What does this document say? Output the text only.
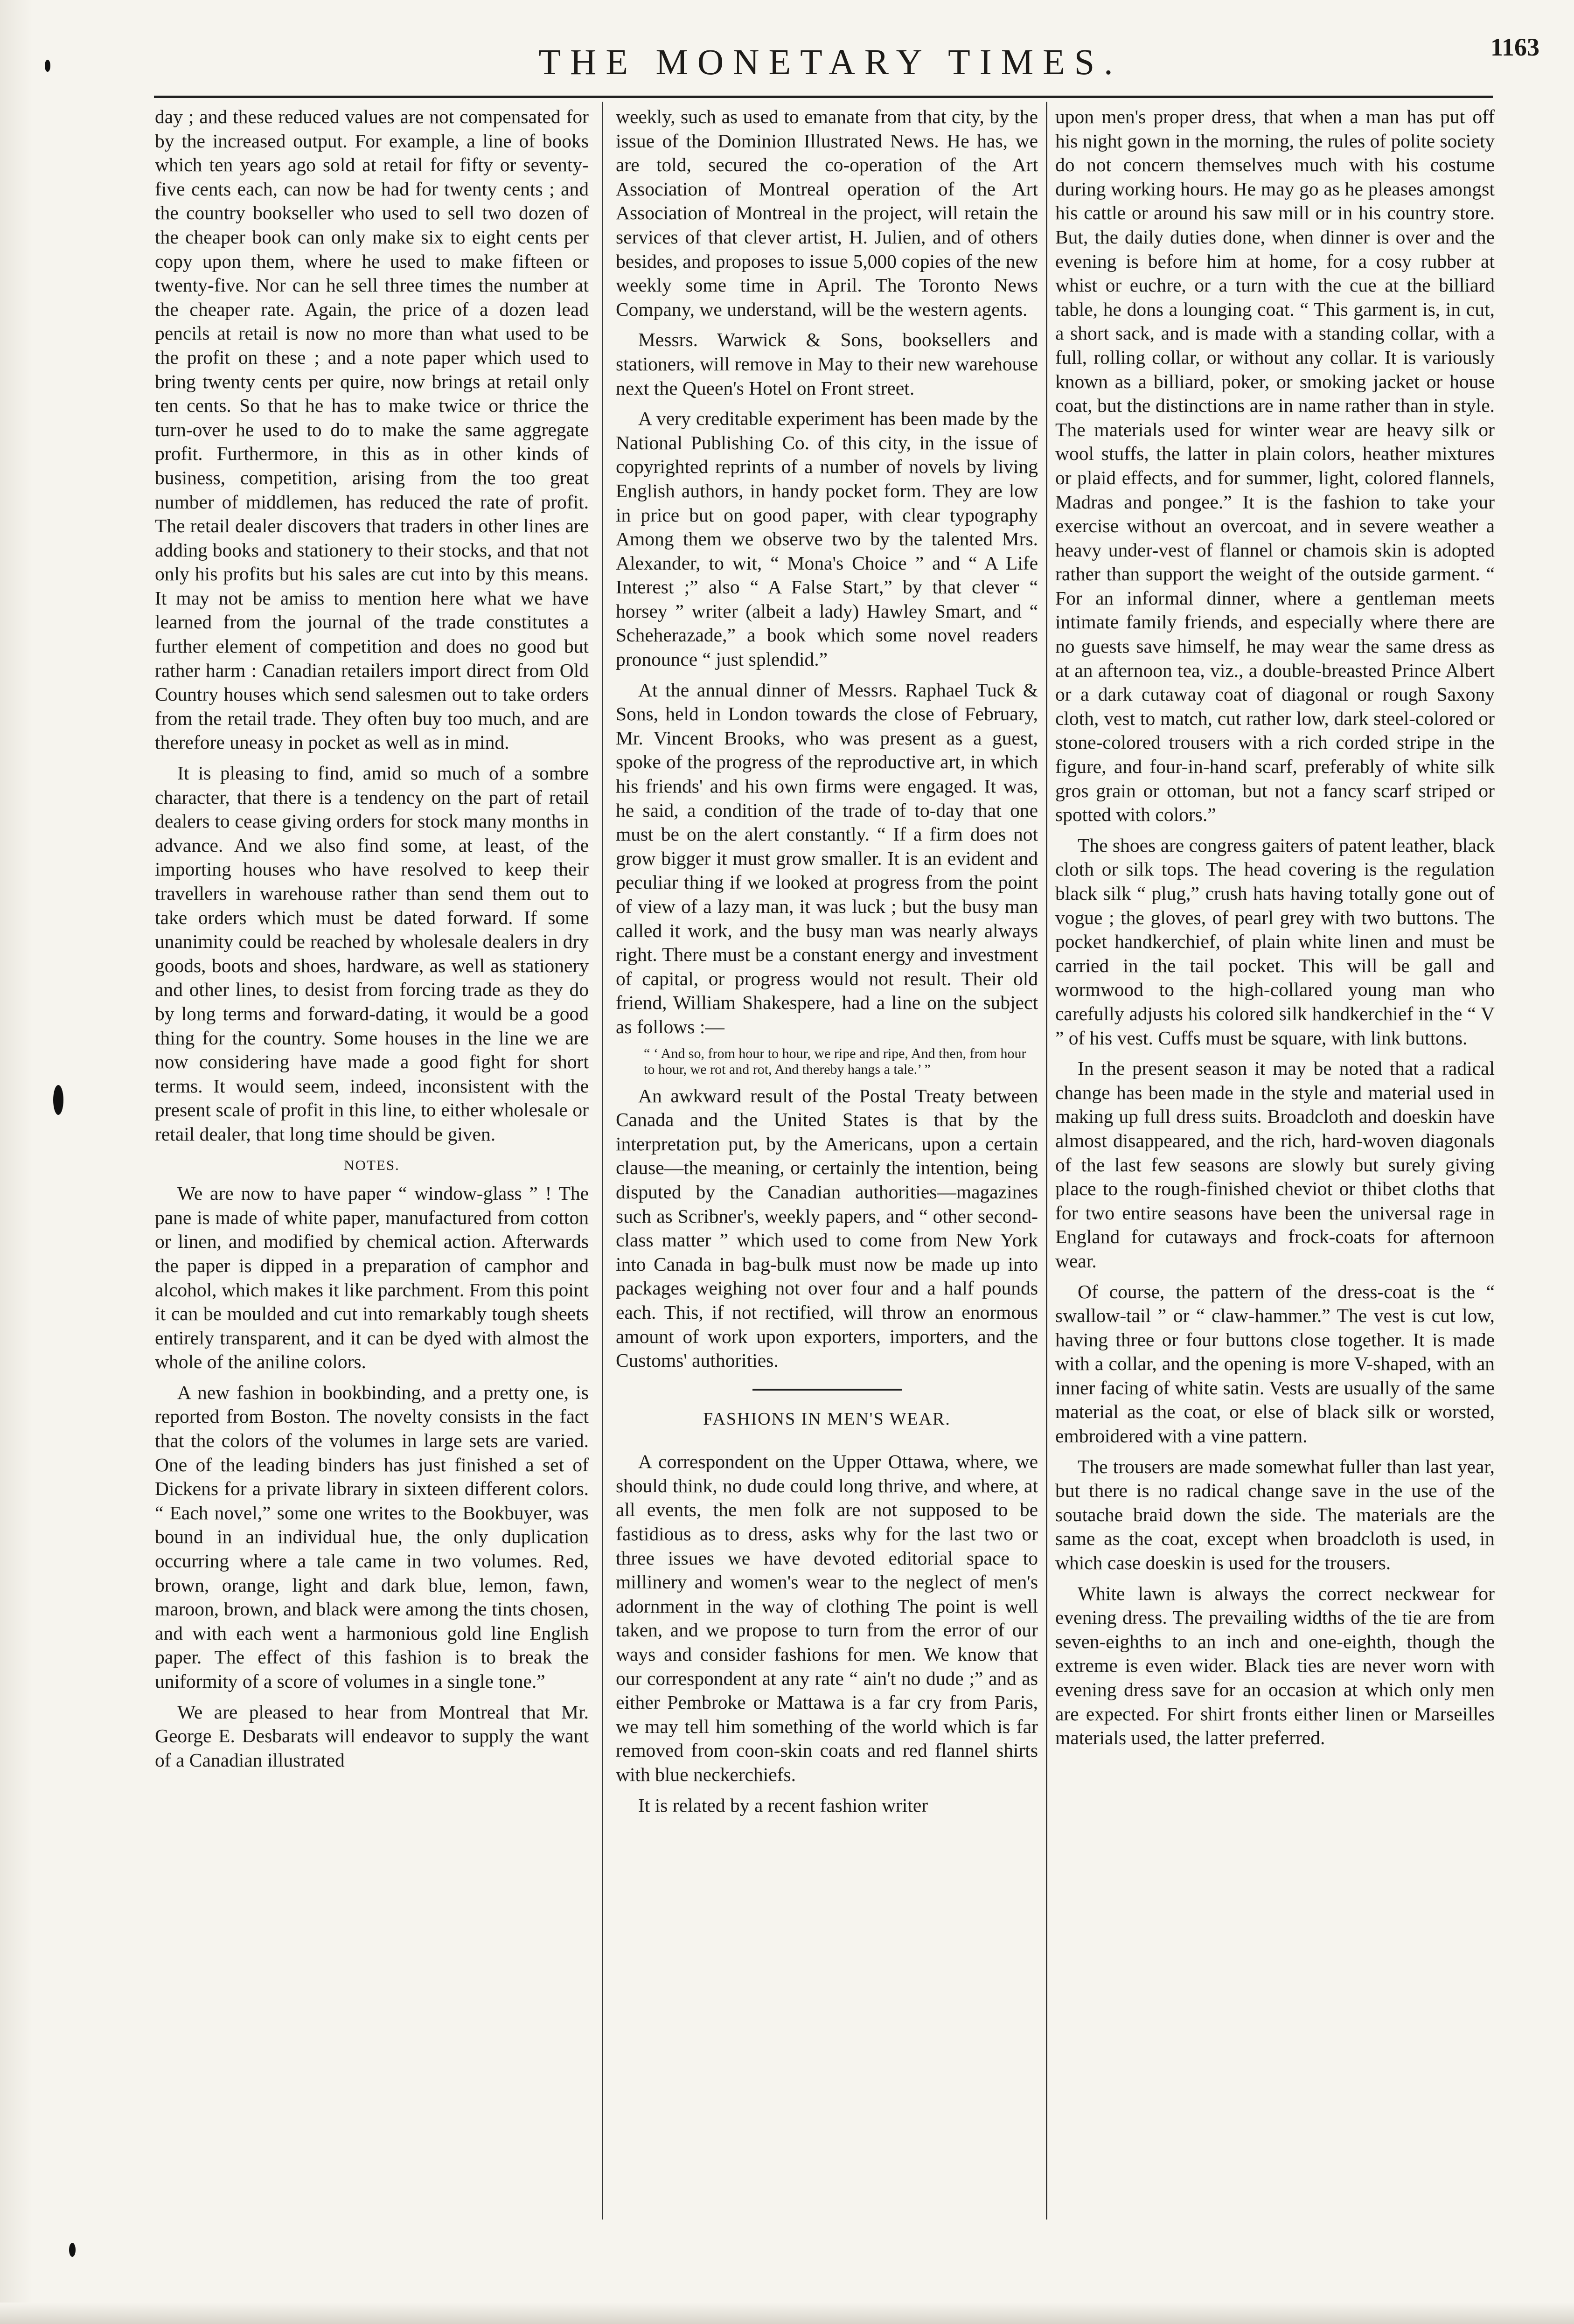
THE MONETARY TIMES.	1163

day ; and these reduced values are not compensated for by the increased output. For example, a line of books which ten years ago sold at retail for fifty or seventy-five cents each, can now be had for twenty cents ; and the country bookseller who used to sell two dozen of the cheaper book can only make six to eight cents per copy upon them, where he used to make fifteen or twenty-five. Nor can he sell three times the number at the cheaper rate. Again, the price of a dozen lead pencils at retail is now no more than what used to be the profit on these ; and a note paper which used to bring twenty cents per quire, now brings at retail only ten cents. So that he has to make twice or thrice the turn-over he used to do to make the same aggregate profit. Furthermore, in this as in other kinds of business, competition, arising from the too great number of middlemen, has reduced the rate of profit. The retail dealer discovers that traders in other lines are adding books and stationery to their stocks, and that not only his profits but his sales are cut into by this means. It may not be amiss to mention here what we have learned from the journal of the trade constitutes a further element of competition and does no good but rather harm : Canadian retailers import direct from Old Country houses which send salesmen out to take orders from the retail trade. They often buy too much, and are therefore uneasy in pocket as well as in mind.

It is pleasing to find, amid so much of a sombre character, that there is a tendency on the part of retail dealers to cease giving orders for stock many months in advance. And we also find some, at least, of the importing houses who have resolved to keep their travellers in warehouse rather than send them out to take orders which must be dated forward. If some unanimity could be reached by wholesale dealers in dry goods, boots and shoes, hardware, as well as stationery and other lines, to desist from forcing trade as they do by long terms and forward-dating, it would be a good thing for the country. Some houses in the line we are now considering have made a good fight for short terms. It would seem, indeed, inconsistent with the present scale of profit in this line, to either wholesale or retail dealer, that long time should be given.

NOTES.

We are now to have paper “ window-glass ” ! The pane is made of white paper, manufactured from cotton or linen, and modified by chemical action. Afterwards the paper is dipped in a preparation of camphor and alcohol, which makes it like parchment. From this point it can be moulded and cut into remarkably tough sheets entirely transparent, and it can be dyed with almost the whole of the aniline colors.

A new fashion in bookbinding, and a pretty one, is reported from Boston. The novelty consists in the fact that the colors of the volumes in large sets are varied. One of the leading binders has just finished a set of Dickens for a private library in sixteen different colors. “ Each novel,” some one writes to the Bookbuyer, was bound in an individual hue, the only duplication occurring where a tale came in two volumes. Red, brown, orange, light and dark blue, lemon, fawn, maroon, brown, and black were among the tints chosen, and with each went a harmonious gold line English paper. The effect of this fashion is to break the uniformity of a score of volumes in a single tone.”

We are pleased to hear from Montreal that Mr. George E. Desbarats will endeavor to supply the want of a Canadian illustrated

weekly, such as used to emanate from that city, by the issue of the Dominion Illustrated News. He has, we are told, secured the co-operation of the Art Association of Montreal operation of the Art Association of Montreal in the project, will retain the services of that clever artist, H. Julien, and of others besides, and proposes to issue 5,000 copies of the new weekly some time in April. The Toronto News Company, we understand, will be the western agents.

Messrs. Warwick & Sons, booksellers and stationers, will remove in May to their new warehouse next the Queen's Hotel on Front street.

A very creditable experiment has been made by the National Publishing Co. of this city, in the issue of copyrighted reprints of a number of novels by living English authors, in handy pocket form. They are low in price but on good paper, with clear typography Among them we observe two by the talented Mrs. Alexander, to wit, “ Mona's Choice ” and “ A Life Interest ;” also “ A False Start,” by that clever “ horsey ” writer (albeit a lady) Hawley Smart, and “ Scheherazade,” a book which some novel readers pronounce “ just splendid.”

At the annual dinner of Messrs. Raphael Tuck & Sons, held in London towards the close of February, Mr. Vincent Brooks, who was present as a guest, spoke of the progress of the reproductive art, in which his friends' and his own firms were engaged. It was, he said, a condition of the trade of to-day that one must be on the alert constantly. “ If a firm does not grow bigger it must grow smaller. It is an evident and peculiar thing if we looked at progress from the point of view of a lazy man, it was luck ; but the busy man called it work, and the busy man was nearly always right. There must be a constant energy and investment of capital, or progress would not result. Their old friend, William Shakespere, had a line on the subject as follows :—

“ ‘ And so, from hour to hour, we ripe and ripe, And then, from hour to hour, we rot and rot, And thereby hangs a tale.’ ”

An awkward result of the Postal Treaty between Canada and the United States is that by the interpretation put, by the Americans, upon a certain clause—the meaning, or certainly the intention, being disputed by the Canadian authorities—magazines such as Scribner's, weekly papers, and “ other second-class matter ” which used to come from New York into Canada in bag-bulk must now be made up into packages weighing not over four and a half pounds each. This, if not rectified, will throw an enormous amount of work upon exporters, importers, and the Customs' authorities.

FASHIONS IN MEN'S WEAR.

A correspondent on the Upper Ottawa, where, we should think, no dude could long thrive, and where, at all events, the men folk are not supposed to be fastidious as to dress, asks why for the last two or three issues we have devoted editorial space to millinery and women's wear to the neglect of men's adornment in the way of clothing The point is well taken, and we propose to turn from the error of our ways and consider fashions for men. We know that our correspondent at any rate “ ain't no dude ;” and as either Pembroke or Mattawa is a far cry from Paris, we may tell him something of the world which is far removed from coon-skin coats and red flannel shirts with blue neckerchiefs.

It is related by a recent fashion writer

upon men's proper dress, that when a man has put off his night gown in the morning, the rules of polite society do not concern themselves much with his costume during working hours. He may go as he pleases amongst his cattle or around his saw mill or in his country store. But, the daily duties done, when dinner is over and the evening is before him at home, for a cosy rubber at whist or euchre, or a turn with the cue at the billiard table, he dons a lounging coat. “ This garment is, in cut, a short sack, and is made with a standing collar, with a full, rolling collar, or without any collar. It is variously known as a billiard, poker, or smoking jacket or house coat, but the distinctions are in name rather than in style. The materials used for winter wear are heavy silk or wool stuffs, the latter in plain colors, heather mixtures or plaid effects, and for summer, light, colored flannels, Madras and pongee.” It is the fashion to take your exercise without an overcoat, and in severe weather a heavy under-vest of flannel or chamois skin is adopted rather than support the weight of the outside garment. “ For an informal dinner, where a gentleman meets intimate family friends, and especially where there are no guests save himself, he may wear the same dress as at an afternoon tea, viz., a double-breasted Prince Albert or a dark cutaway coat of diagonal or rough Saxony cloth, vest to match, cut rather low, dark steel-colored or stone-colored trousers with a rich corded stripe in the figure, and four-in-hand scarf, preferably of white silk gros grain or ottoman, but not a fancy scarf striped or spotted with colors.”

The shoes are congress gaiters of patent leather, black cloth or silk tops. The head covering is the regulation black silk “ plug,” crush hats having totally gone out of vogue ; the gloves, of pearl grey with two buttons. The pocket handkerchief, of plain white linen and must be carried in the tail pocket. This will be gall and wormwood to the high-collared young man who carefully adjusts his colored silk handkerchief in the “ V ” of his vest. Cuffs must be square, with link buttons.

In the present season it may be noted that a radical change has been made in the style and material used in making up full dress suits. Broadcloth and doeskin have almost disappeared, and the rich, hard-woven diagonals of the last few seasons are slowly but surely giving place to the rough-finished cheviot or thibet cloths that for two entire seasons have been the universal rage in England for cutaways and frock-coats for afternoon wear.

Of course, the pattern of the dress-coat is the “ swallow-tail ” or “ claw-hammer.” The vest is cut low, having three or four buttons close together. It is made with a collar, and the opening is more V-shaped, with an inner facing of white satin. Vests are usually of the same material as the coat, or else of black silk or worsted, embroidered with a vine pattern.

The trousers are made somewhat fuller than last year, but there is no radical change save in the use of the soutache braid down the side. The materials are the same as the coat, except when broadcloth is used, in which case doeskin is used for the trousers.

White lawn is always the correct neckwear for evening dress. The prevailing widths of the tie are from seven-eighths to an inch and one-eighth, though the extreme is even wider. Black ties are never worn with evening dress save for an occasion at which only men are expected. For shirt fronts either linen or Marseilles materials used, the latter preferred.
